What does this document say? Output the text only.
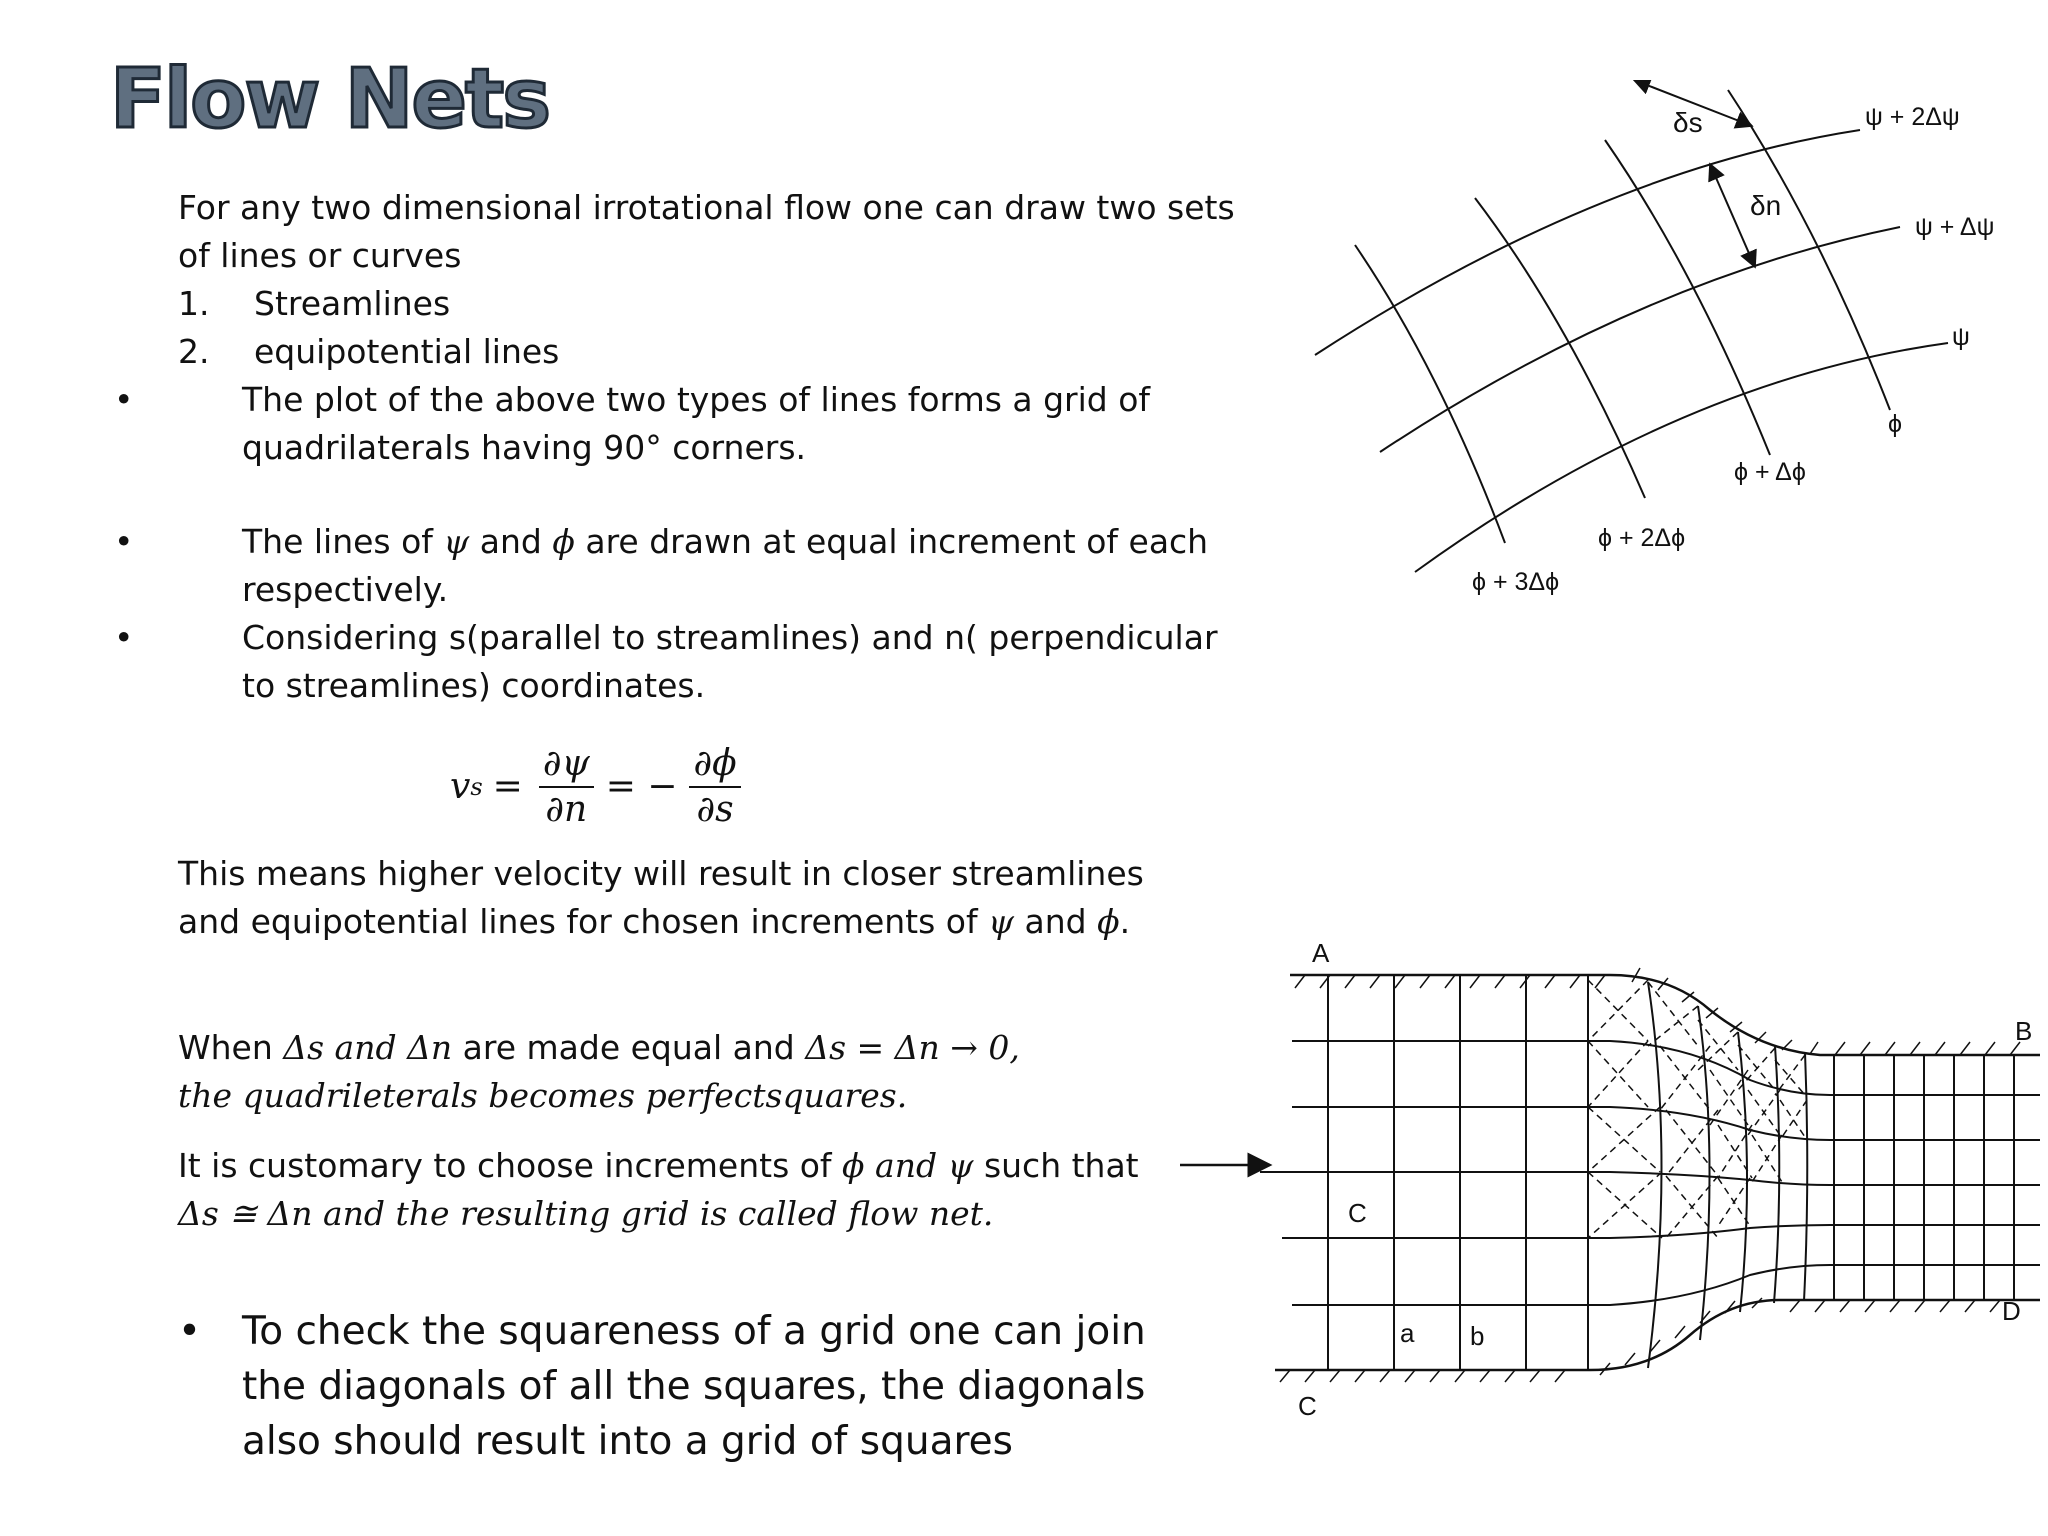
Flow Nets
For any two dimensional irrotational flow one can draw two sets
of lines or curves
1. Streamlines
2. equipotential lines
•	The plot of the above two types of lines forms a grid of
quadrilaterals having 90° corners.
•	The lines of ψ and ϕ are drawn at equal increment of each
respectively.
•	Considering s(parallel to streamlines) and n( perpendicular
to streamlines) coordinates.
v $s = \frac{\partial\psi}{\partial n}$ = − $\frac{\partial\phi}{\partial s}$
This means higher velocity will result in closer streamlines
and equipotential lines for chosen increments of ψ and ϕ.
When Δs and Δn are made equal and Δs = Δn → 0,
the quadrileterals becomes perfectsquares.
It is customary to choose increments of ϕ and ψ such that
Δs ≅ Δn and the resulting grid is called flow net.
• To check the squareness of a grid one can join
the diagonals of all the squares, the diagonals
also should result into a grid of squares
δs
δn
ψ + 2Δψ
ψ + Δψ
ψ
ϕ
ϕ + Δϕ
ϕ + 2Δϕ
ϕ + 3Δϕ
A
B
C
C
D
a b
